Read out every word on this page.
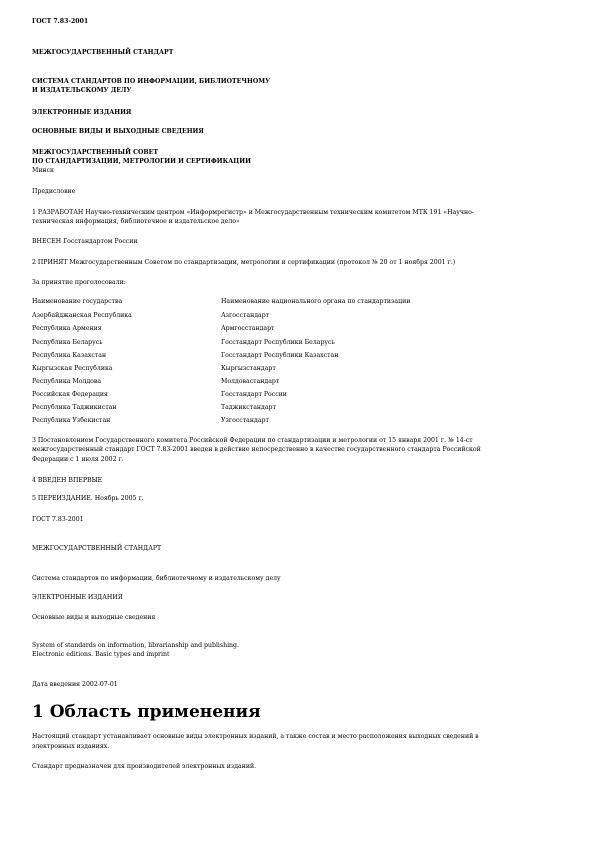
ГОСТ 7.83-2001
МЕЖГОСУДАРСТВЕННЫЙ СТАНДАРТ
СИСТЕМА СТАНДАРТОВ ПО ИНФОРМАЦИИ, БИБЛИОТЕЧНОМУ
И ИЗДАТЕЛЬСКОМУ ДЕЛУ
ЭЛЕКТРОННЫЕ ИЗДАНИЯ
ОСНОВНЫЕ ВИДЫ И ВЫХОДНЫЕ СВЕДЕНИЯ
МЕЖГОСУДАРСТВЕННЫЙ СОВЕТ
ПО СТАНДАРТИЗАЦИИ, МЕТРОЛОГИИ И СЕРТИФИКАЦИИ
Минск
Предисловие
1 РАЗРАБОТАН Научно-техническим центром «Информрегистр» и Межгосударственным техническим комитетом МТК 191 «Научно-
техническая информация, библиотечное и издательское дело»
ВНЕСЕН Госстандартом России
2 ПРИНЯТ Межгосударственным Советом по стандартизации, метрологии и сертификации (протокол № 20 от 1 ноября 2001 г.)
За принятие проголосовали:
Наименование государства	Наименование национального органа по стандартизации
Азербайджанская Республика	Азгосстандарт
Республика Армения	Армгосстандарт
Республика Беларусь	Госстандарт Республики Беларусь
Республика Казахстан	Госстандарт Республики Казахстан
Кыргызская Республика	Кыргызстандарт
Республика Молдова	Молдовастандарт
Российская Федерация	Госстандарт России
Республика Таджикистан	Таджикстандарт
Республика Узбекистан	Узгосстандарт
3 Постановлением Государственного комитета Российской Федерации по стандартизации и метрологии от 15 января 2001 г. № 14-ст
межгосударственный стандарт ГОСТ 7.83-2001 введен в действие непосредственно в качестве государственного стандарта Российской
Федерации с 1 июля 2002 г.
4 ВВЕДЕН ВПЕРВЫЕ
5 ПЕРЕИЗДАНИЕ. Ноябрь 2005 г.
ГОСТ 7.83-2001
МЕЖГОСУДАРСТВЕННЫЙ СТАНДАРТ
Система стандартов по информации, библиотечному и издательскому делу
ЭЛЕКТРОННЫЕ ИЗДАНИЯ
Основные виды и выходные сведения
System of standards on information, librarianship and publishing.
Electronic editions. Basic types and imprint
Дата введения 2002-07-01
1 Область применения
Настоящий стандарт устанавливает основные виды электронных изданий, а также состав и место расположения выходных сведений в
электронных изданиях.
Стандарт предназначен для производителей электронных изданий.
